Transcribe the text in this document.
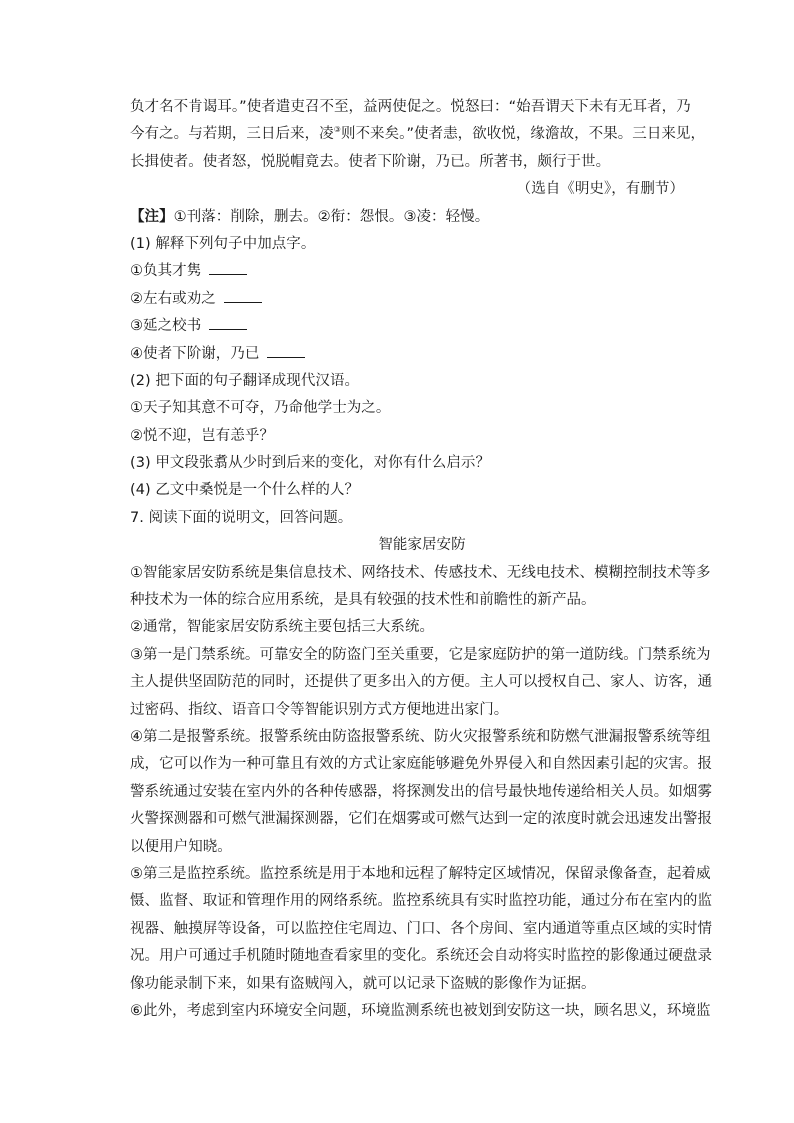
负才名不肯谒耳。”使者遣吏召不至，益两使促之。悦怒曰：“始吾谓天下未有无耳者，乃
今有之。与若期，三日后来，凌③则不来矣。”使者恚，欲收悦，缘澹故，不果。三日来见，
长揖使者。使者怒，悦脱帽竟去。使者下阶谢，乃已。所著书，颇行于世。
（选自《明史》，有删节）
【注】①刊落：削除，删去。②衔：怨恨。③凌：轻慢。
(1) 解释下列句子中加点字。
①负其才隽
②左右或劝之
③延之校书
④使者下阶谢，乃已
(2) 把下面的句子翻译成现代汉语。
①天子知其意不可夺，乃命他学士为之。
②悦不迎，岂有恙乎？
(3) 甲文段张翥从少时到后来的变化，对你有什么启示？
(4) 乙文中桑悦是一个什么样的人？
7. 阅读下面的说明文，回答问题。
智能家居安防
①智能家居安防系统是集信息技术、网络技术、传感技术、无线电技术、模糊控制技术等多
种技术为一体的综合应用系统，是具有较强的技术性和前瞻性的新产品。
②通常，智能家居安防系统主要包括三大系统。
③第一是门禁系统。可靠安全的防盗门至关重要，它是家庭防护的第一道防线。门禁系统为
主人提供坚固防范的同时，还提供了更多出入的方便。主人可以授权自己、家人、访客，通
过密码、指纹、语音口令等智能识别方式方便地进出家门。
④第二是报警系统。报警系统由防盗报警系统、防火灾报警系统和防燃气泄漏报警系统等组
成，它可以作为一种可靠且有效的方式让家庭能够避免外界侵入和自然因素引起的灾害。报
警系统通过安装在室内外的各种传感器，将探测发出的信号最快地传递给相关人员。如烟雾
火警探测器和可燃气泄漏探测器，它们在烟雾或可燃气达到一定的浓度时就会迅速发出警报
以便用户知晓。
⑤第三是监控系统。监控系统是用于本地和远程了解特定区域情况，保留录像备查，起着威
慑、监督、取证和管理作用的网络系统。监控系统具有实时监控功能，通过分布在室内的监
视器、触摸屏等设备，可以监控住宅周边、门口、各个房间、室内通道等重点区域的实时情
况。用户可通过手机随时随地查看家里的变化。系统还会自动将实时监控的影像通过硬盘录
像功能录制下来，如果有盗贼闯入，就可以记录下盗贼的影像作为证据。
⑥此外，考虑到室内环境安全问题，环境监测系统也被划到安防这一块，顾名思义，环境监
